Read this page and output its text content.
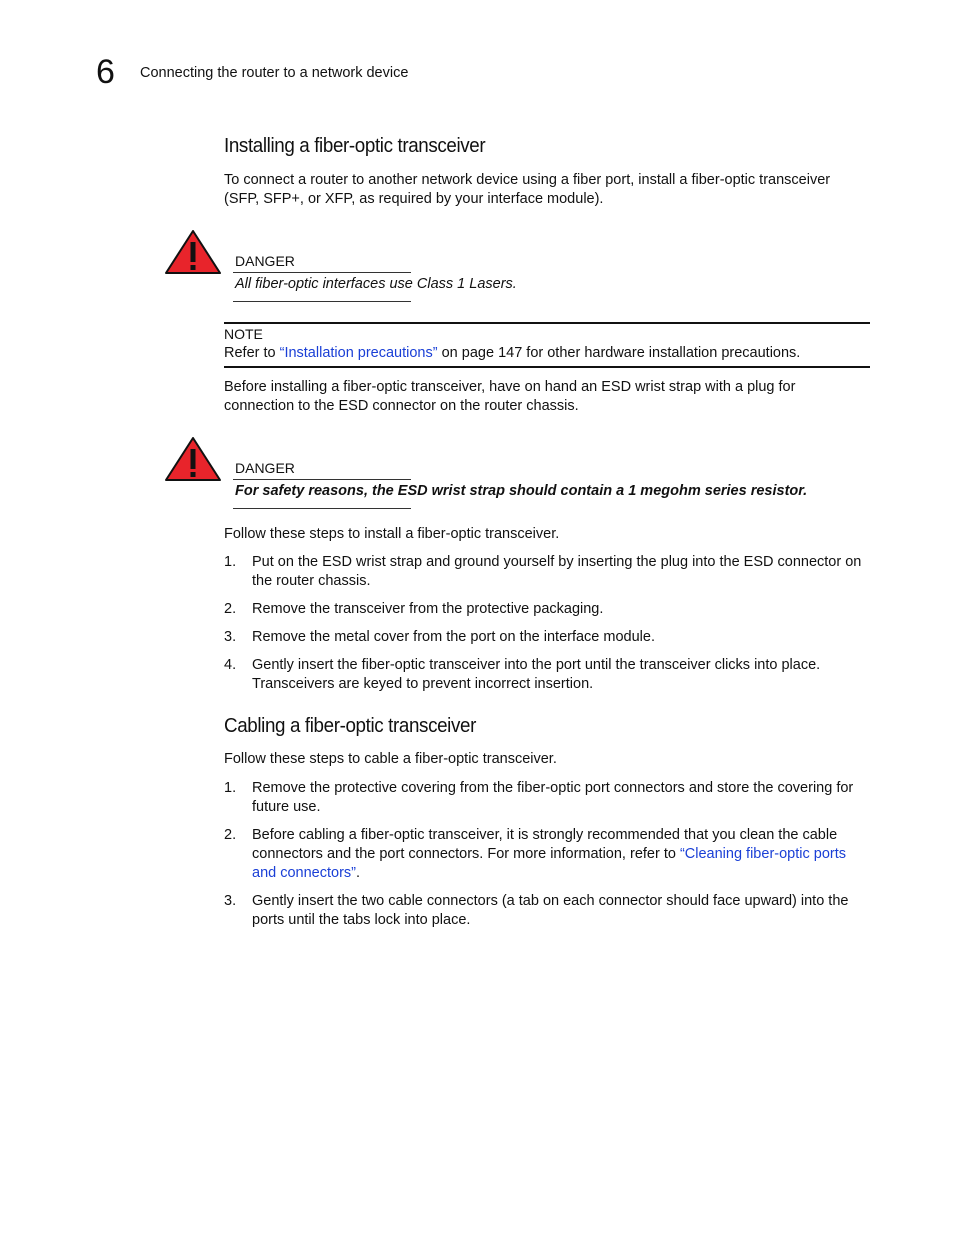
6 Connecting the router to a network device
Installing a fiber-optic transceiver

To connect a router to another network device using a fiber port, install a fiber-optic transceiver (SFP, SFP+, or XFP, as required by your interface module).

DANGER
All fiber-optic interfaces use Class 1 Lasers.
NOTE

Refer to “Installation precautions” on page 147 for other hardware installation precautions.

Before installing a fiber-optic transceiver, have on hand an ESD wrist strap with a plug for connection to the ESD connector on the router chassis.

DANGER
For safety reasons, the ESD wrist strap should contain a 1 megohm series resistor.

Follow these steps to install a fiber-optic transceiver.

1. Put on the ESD wrist strap and ground yourself by inserting the plug into the ESD connector on the router chassis.
2. Remove the transceiver from the protective packaging.
3. Remove the metal cover from the port on the interface module.
4. Gently insert the fiber-optic transceiver into the port until the transceiver clicks into place. Transceivers are keyed to prevent incorrect insertion.
Cabling a fiber-optic transceiver

Follow these steps to cable a fiber-optic transceiver.

1. Remove the protective covering from the fiber-optic port connectors and store the covering for future use.
2. Before cabling a fiber-optic transceiver, it is strongly recommended that you clean the cable connectors and the port connectors. For more information, refer to “Cleaning fiber-optic ports and connectors”.
3. Gently insert the two cable connectors (a tab on each connector should face upward) into the ports until the tabs lock into place.
